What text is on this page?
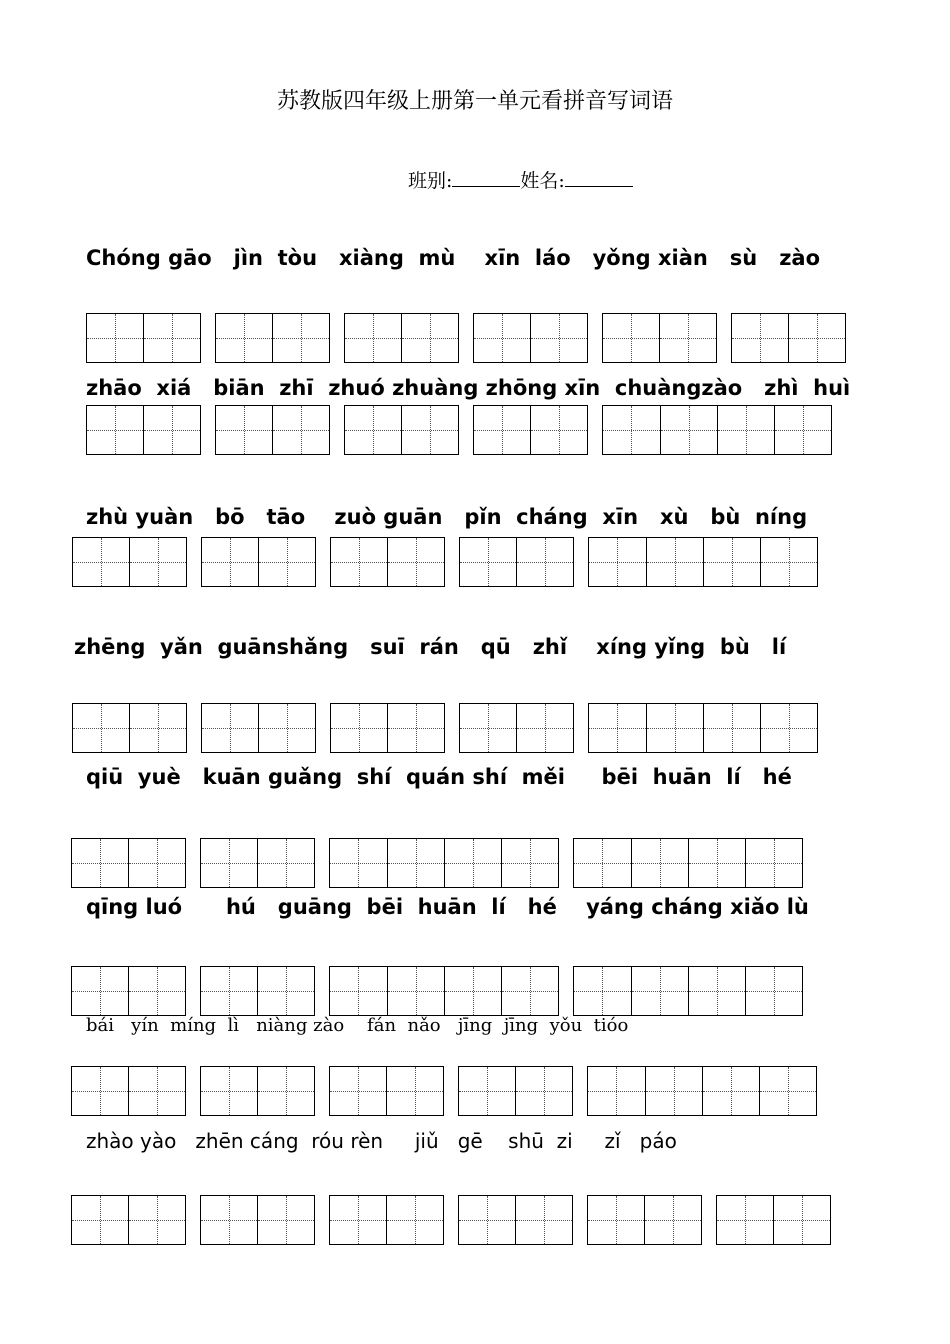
苏教版四年级上册第一单元看拼音写词语
班别:	姓名:
Chóng gāo   jìn  tòu   xiàng  mù    xīn  láo   yǒng xiàn   sù   zào
zhāo  xiá   biān  zhī  zhuó zhuàng zhōng xīn  chuàngzào   zhì  huì
zhù yuàn   bō   tāo    zuò guān   pǐn  cháng  xīn   xù   bù  níng
zhēng  yǎn  guānshǎng   suī  rán   qū   zhǐ    xíng yǐng  bù   lí
qiū  yuè   kuān guǎng  shí  quán shí  měi     bēi  huān  lí   hé
qīng luó      hú   guāng  bēi  huān  lí   hé    yáng cháng xiǎo lù
bái   yín  míng  lì   niàng zào    fán  nǎo   jīng  jīng  yǒu  tióo
zhào yào   zhēn cáng  róu rèn     jiǔ   gē    shū  zi     zǐ   páo
